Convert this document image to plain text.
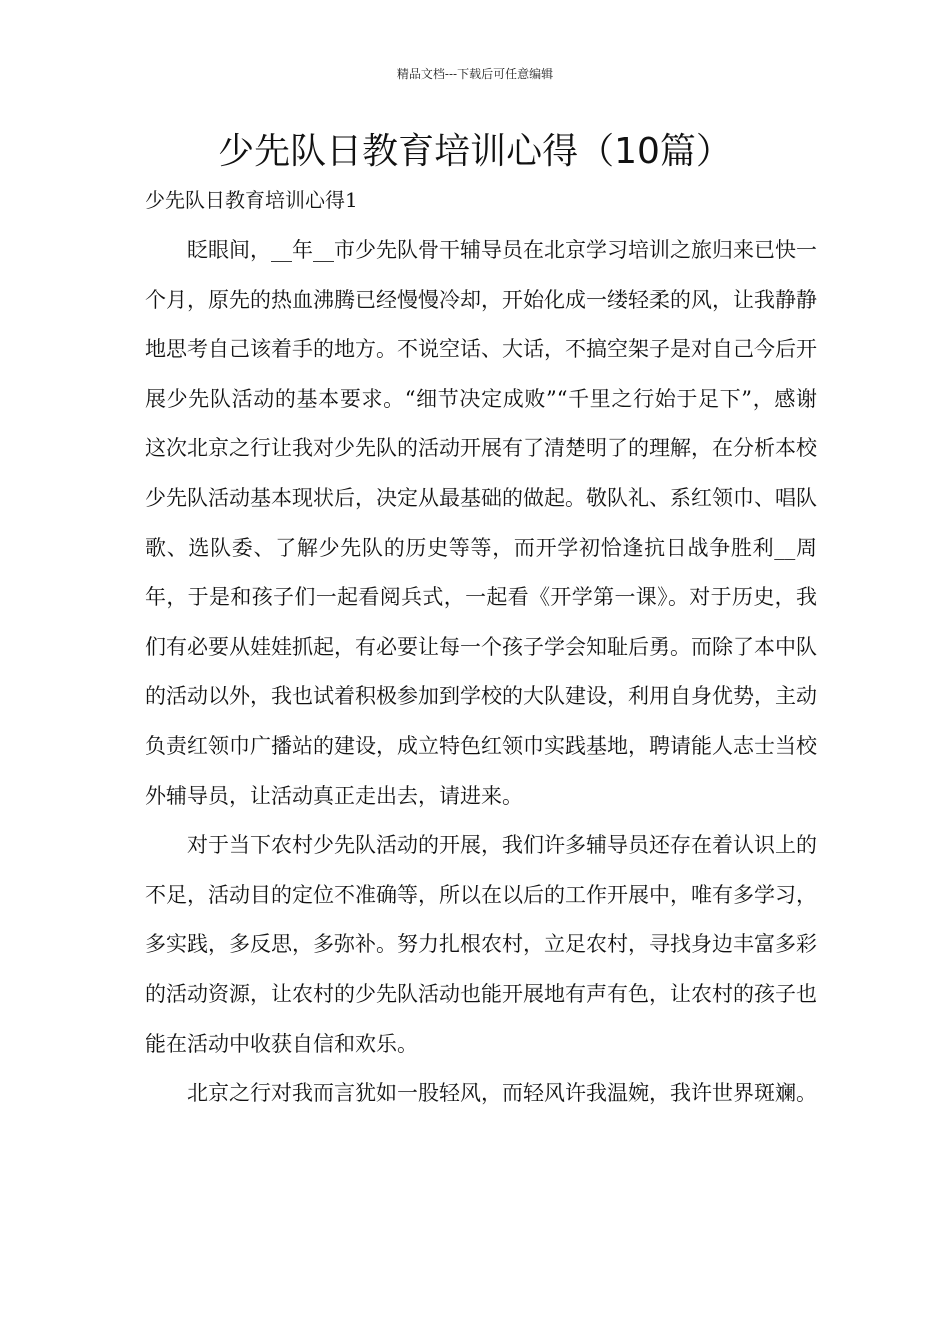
精品文档---下载后可任意编辑
少先队日教育培训心得（10篇）

少先队日教育培训心得1

眨眼间，__年__市少先队骨干辅导员在北京学习培训之旅归来已快一个月，原先的热血沸腾已经慢慢冷却，开始化成一缕轻柔的风，让我静静地思考自己该着手的地方。不说空话、大话，不搞空架子是对自己今后开展少先队活动的基本要求。“细节决定成败”“千里之行始于足下”，感谢这次北京之行让我对少先队的活动开展有了清楚明了的理解，在分析本校少先队活动基本现状后，决定从最基础的做起。敬队礼、系红领巾、唱队歌、选队委、了解少先队的历史等等，而开学初恰逢抗日战争胜利__周年，于是和孩子们一起看阅兵式，一起看《开学第一课》。对于历史，我们有必要从娃娃抓起，有必要让每一个孩子学会知耻后勇。而除了本中队的活动以外，我也试着积极参加到学校的大队建设，利用自身优势，主动负责红领巾广播站的建设，成立特色红领巾实践基地，聘请能人志士当校外辅导员，让活动真正走出去，请进来。

对于当下农村少先队活动的开展，我们许多辅导员还存在着认识上的不足，活动目的定位不准确等，所以在以后的工作开展中，唯有多学习，多实践，多反思，多弥补。努力扎根农村，立足农村，寻找身边丰富多彩的活动资源，让农村的少先队活动也能开展地有声有色，让农村的孩子也能在活动中收获自信和欢乐。

北京之行对我而言犹如一股轻风，而轻风许我温婉，我许世界斑斓。
